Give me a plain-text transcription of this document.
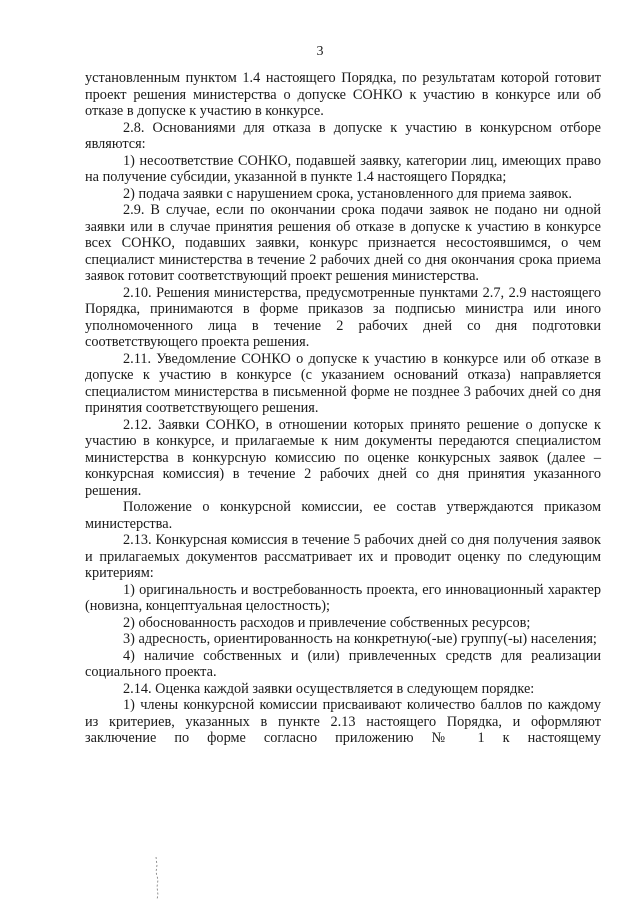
3

установленным пунктом 1.4 настоящего Порядка, по результатам которой готовит проект решения министерства о допуске СОНКО к участию в конкурсе или об отказе в допуске к участию в конкурсе.

2.8. Основаниями для отказа в допуске к участию в конкурсном отборе являются:

1) несоответствие СОНКО, подавшей заявку, категории лиц, имеющих право на получение субсидии, указанной в пункте 1.4 настоящего Порядка;

2) подача заявки с нарушением срока, установленного для приема заявок.

2.9. В случае, если по окончании срока подачи заявок не подано ни одной заявки или в случае принятия решения об отказе в допуске к участию в конкурсе всех СОНКО, подавших заявки, конкурс признается несостоявшимся, о чем специалист министерства в течение 2 рабочих дней со дня окончания срока приема заявок готовит соответствующий проект решения министерства.

2.10. Решения министерства, предусмотренные пунктами 2.7, 2.9 настоящего Порядка, принимаются в форме приказов за подписью министра или иного уполномоченного лица в течение 2 рабочих дней со дня подготовки соответствующего проекта решения.

2.11. Уведомление СОНКО о допуске к участию в конкурсе или об отказе в допуске к участию в конкурсе (с указанием оснований отказа) направляется специалистом министерства в письменной форме не позднее 3 рабочих дней со дня принятия соответствующего решения.

2.12. Заявки СОНКО, в отношении которых принято решение о допуске к участию в конкурсе, и прилагаемые к ним документы передаются специалистом министерства в конкурсную комиссию по оценке конкурсных заявок (далее – конкурсная комиссия) в течение 2 рабочих дней со дня принятия указанного решения.

Положение о конкурсной комиссии, ее состав утверждаются приказом министерства.

2.13. Конкурсная комиссия в течение 5 рабочих дней со дня получения заявок и прилагаемых документов рассматривает их и проводит оценку по следующим критериям:

1) оригинальность и востребованность проекта, его инновационный характер (новизна, концептуальная целостность);

2) обоснованность расходов и привлечение собственных ресурсов;

3) адресность, ориентированность на конкретную(-ые) группу(-ы) населения;

4) наличие собственных и (или) привлеченных средств для реализации социального проекта.

2.14. Оценка каждой заявки осуществляется в следующем порядке:

1) члены конкурсной комиссии присваивают количество баллов по каждому из критериев, указанных в пункте 2.13 настоящего Порядка, и оформляют заключение по форме согласно приложению № 1 к настоящему
